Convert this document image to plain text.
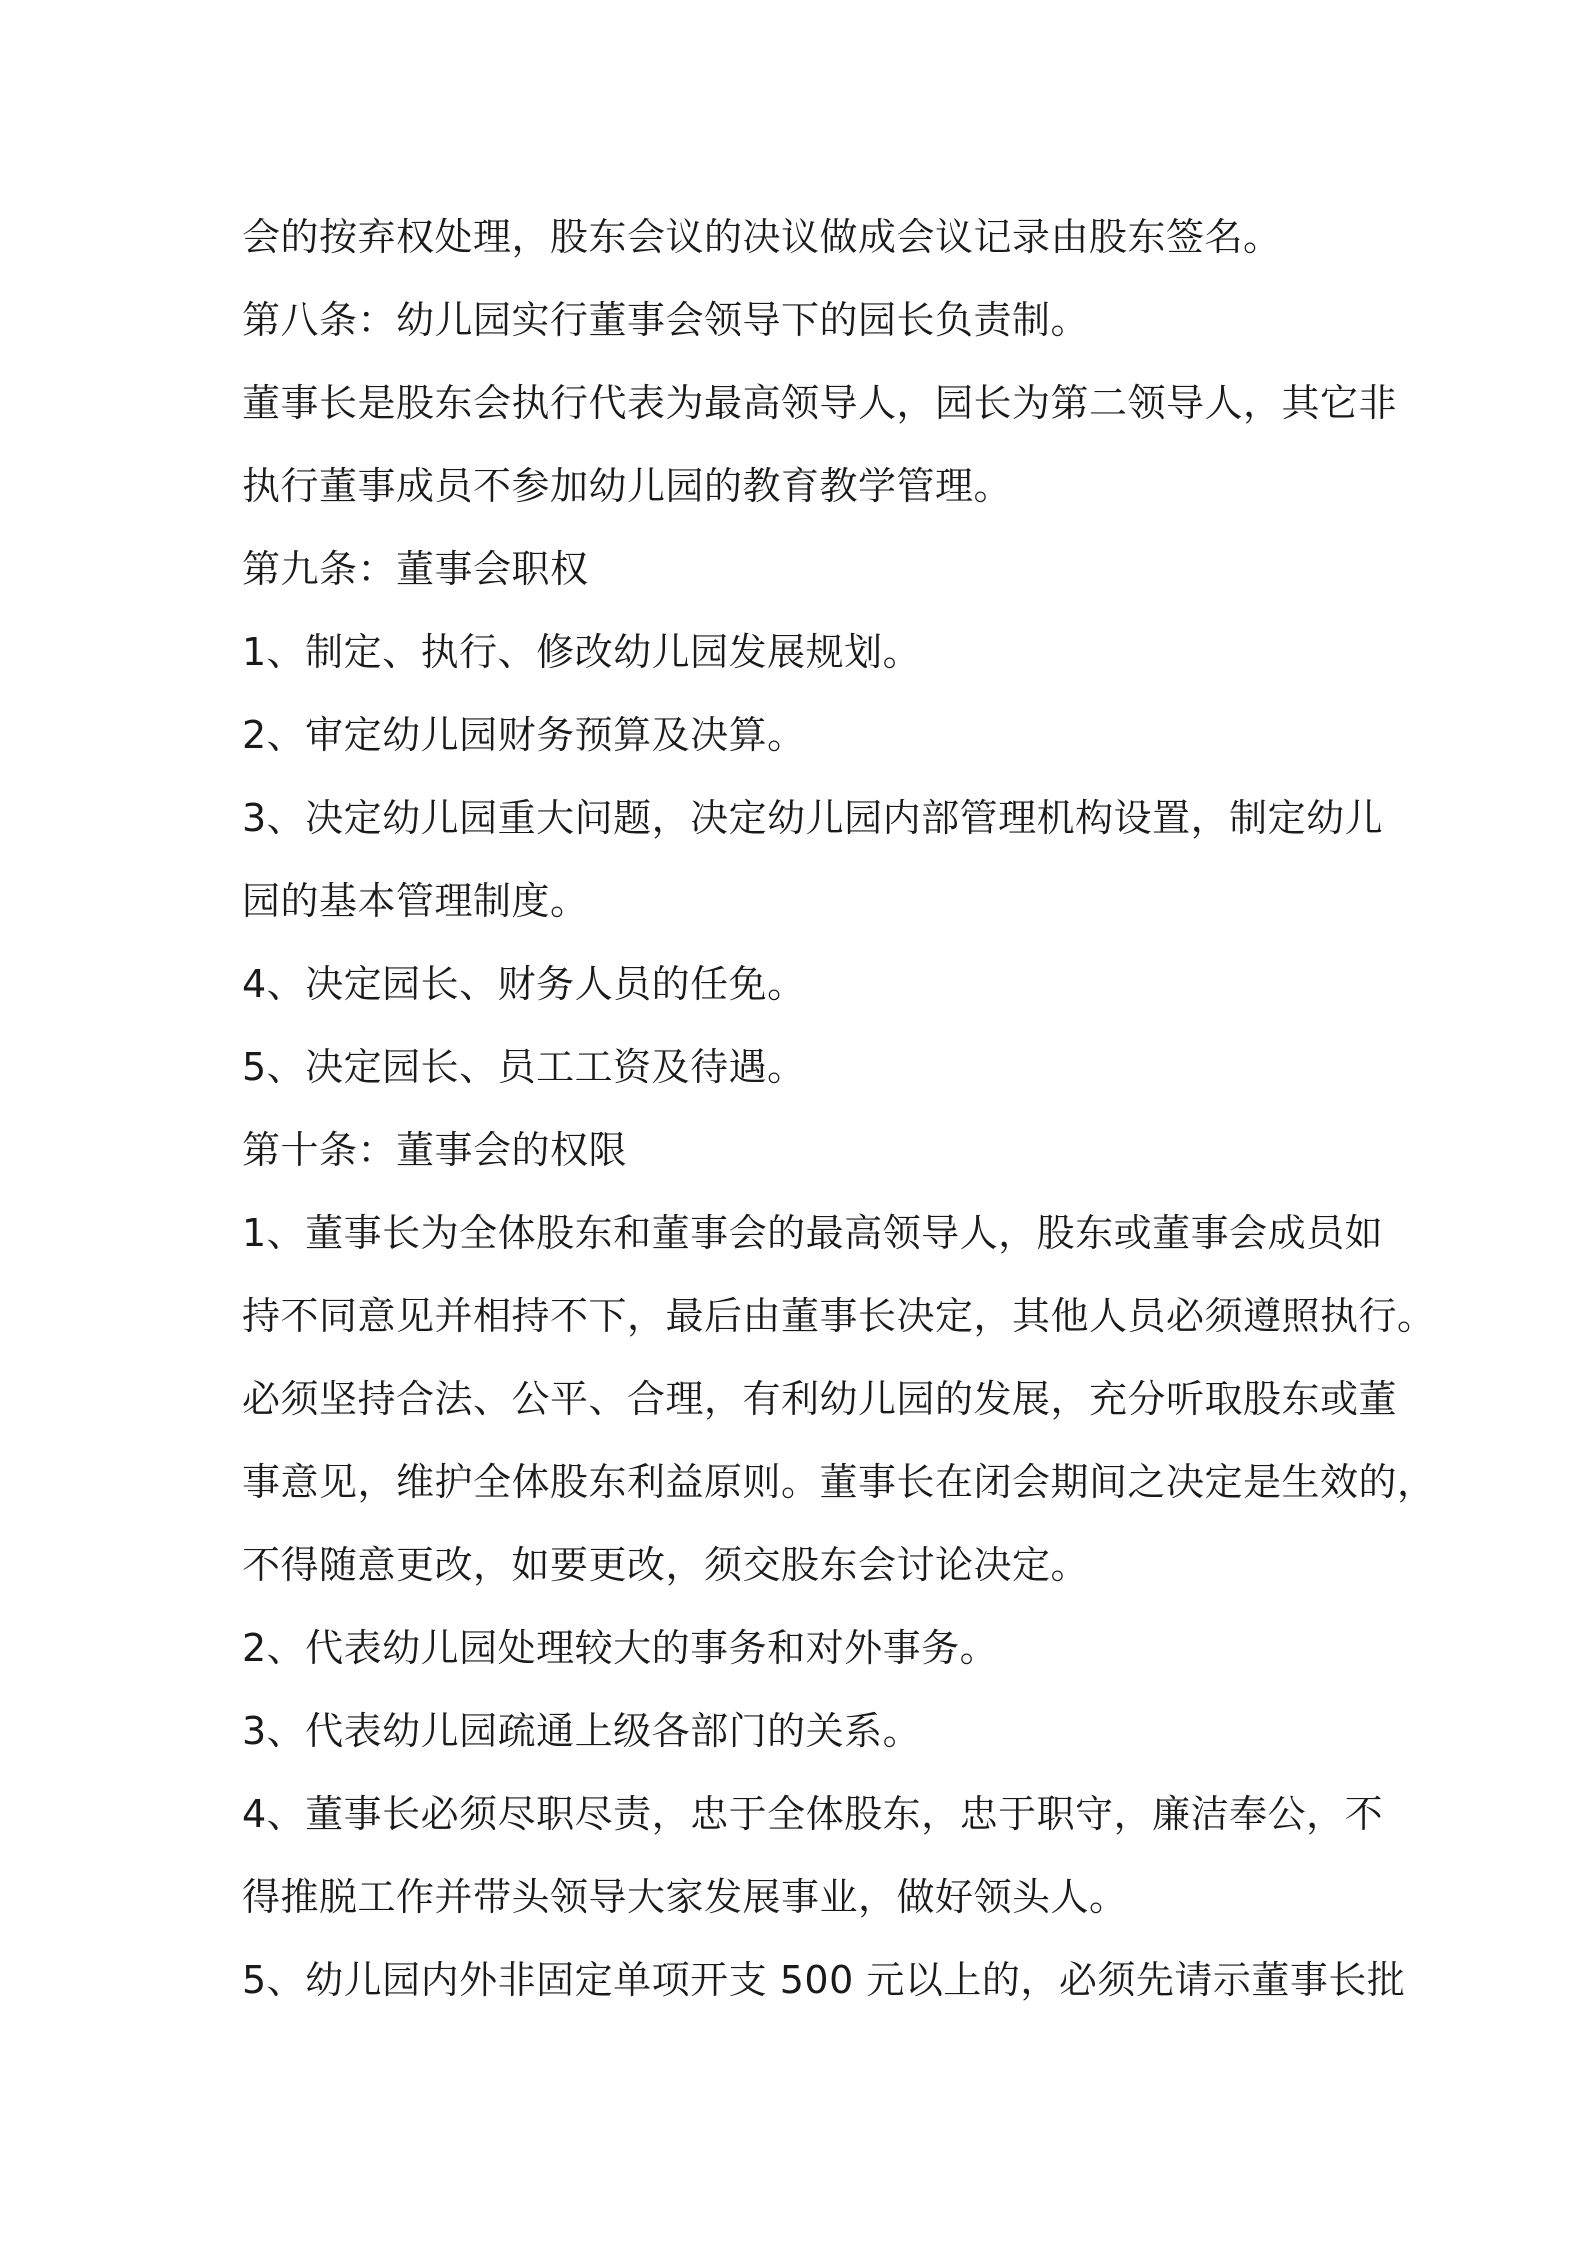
会的按弃权处理，股东会议的决议做成会议记录由股东签名。
第八条：幼儿园实行董事会领导下的园长负责制。
董事长是股东会执行代表为最高领导人，园长为第二领导人，其它非
执行董事成员不参加幼儿园的教育教学管理。
第九条：董事会职权
1、制定、执行、修改幼儿园发展规划。
2、审定幼儿园财务预算及决算。
3、决定幼儿园重大问题，决定幼儿园内部管理机构设置，制定幼儿
园的基本管理制度。
4、决定园长、财务人员的任免。
5、决定园长、员工工资及待遇。
第十条：董事会的权限
1、董事长为全体股东和董事会的最高领导人，股东或董事会成员如
持不同意见并相持不下，最后由董事长决定，其他人员必须遵照执行。
必须坚持合法、公平、合理，有利幼儿园的发展，充分听取股东或董
事意见，维护全体股东利益原则。董事长在闭会期间之决定是生效的，
不得随意更改，如要更改，须交股东会讨论决定。
2、代表幼儿园处理较大的事务和对外事务。
3、代表幼儿园疏通上级各部门的关系。
4、董事长必须尽职尽责，忠于全体股东，忠于职守，廉洁奉公，不
得推脱工作并带头领导大家发展事业，做好领头人。
5、幼儿园内外非固定单项开支 500 元以上的，必须先请示董事长批
